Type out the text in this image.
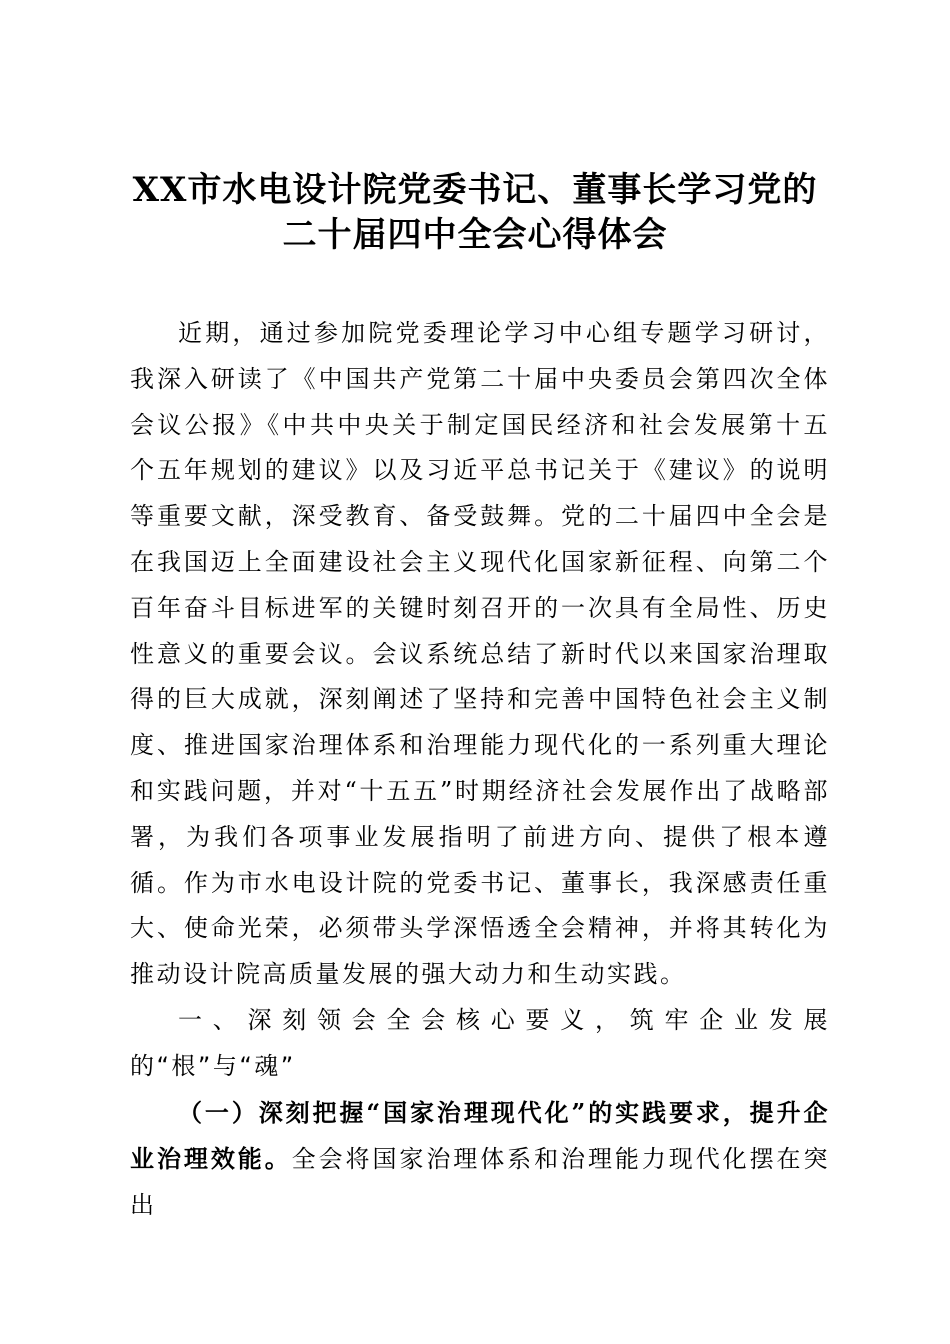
XX市水电设计院党委书记、董事长学习党的
二十届四中全会心得体会

近期，通过参加院党委理论学习中心组专题学习研讨，我深入研读了《中国共产党第二十届中央委员会第四次全体会议公报》《中共中央关于制定国民经济和社会发展第十五个五年规划的建议》以及习近平总书记关于《建议》的说明等重要文献，深受教育、备受鼓舞。党的二十届四中全会是在我国迈上全面建设社会主义现代化国家新征程、向第二个百年奋斗目标进军的关键时刻召开的一次具有全局性、历史性意义的重要会议。会议系统总结了新时代以来国家治理取得的巨大成就，深刻阐述了坚持和完善中国特色社会主义制度、推进国家治理体系和治理能力现代化的一系列重大理论和实践问题，并对“十五五”时期经济社会发展作出了战略部署，为我们各项事业发展指明了前进方向、提供了根本遵循。作为市水电设计院的党委书记、董事长，我深感责任重大、使命光荣，必须带头学深悟透全会精神，并将其转化为推动设计院高质量发展的强大动力和生动实践。

一、深刻领会全会核心要义，筑牢企业发展的“根”与“魂”

（一）深刻把握“国家治理现代化”的实践要求，提升企业治理效能。全会将国家治理体系和治理能力现代化摆在突出
